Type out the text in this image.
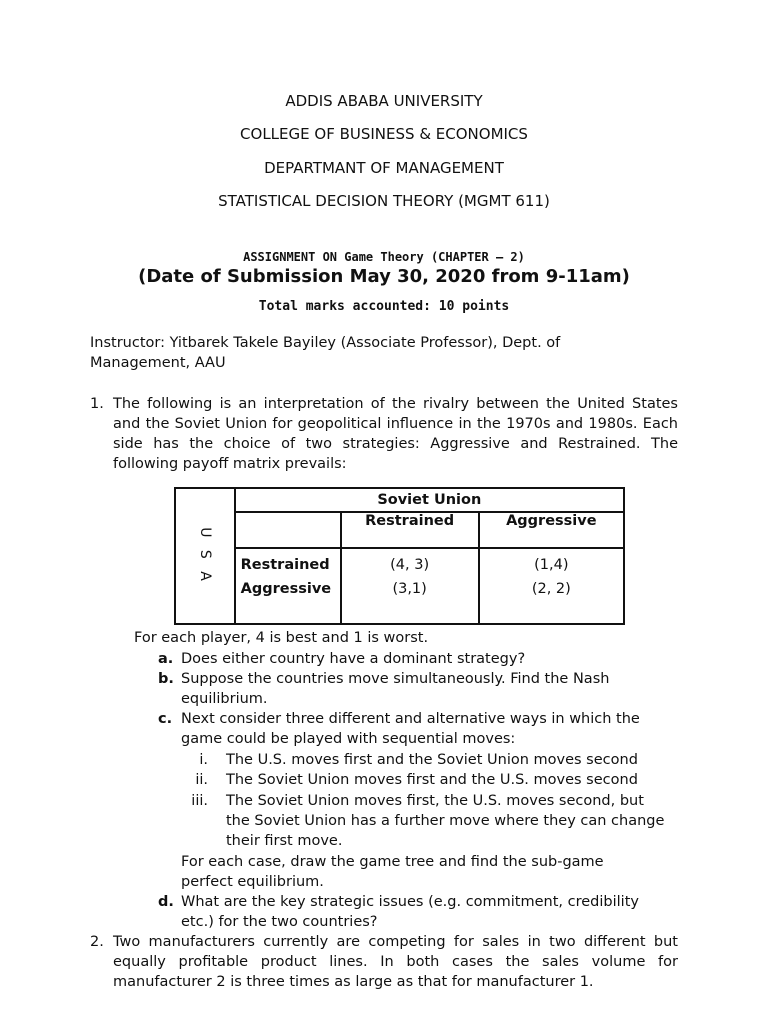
ADDIS ABABA UNIVERSITY
COLLEGE OF BUSINESS & ECONOMICS
DEPARTMANT OF MANAGEMENT
STATISTICAL DECISION THEORY (MGMT 611)
ASSIGNMENT ON Game Theory (CHAPTER – 2)
(Date of Submission May 30, 2020 from 9-11am)
Total marks accounted: 10 points
Instructor: Yitbarek Takele Bayiley (Associate Professor), Dept. of Management, AAU
1. The following is an interpretation of the rivalry between the United States and the Soviet Union for geopolitical influence in the 1970s and 1980s. Each side has the choice of two strategies: Aggressive and Restrained. The following payoff matrix prevails:
U S A	Soviet Union		
		Restrained	Aggressive
	Restrained	(4, 3)	(1,4)
	Aggressive	(3,1)	(2, 2)
For each player, 4 is best and 1 is worst.
a. Does either country have a dominant strategy?
b. Suppose the countries move simultaneously. Find the Nash equilibrium.
c. Next consider three different and alternative ways in which the game could be played with sequential moves:
i. The U.S. moves first and the Soviet Union moves second
ii. The Soviet Union moves first and the U.S. moves second
iii. The Soviet Union moves first, the U.S. moves second, but the Soviet Union has a further move where they can change their first move.
For each case, draw the game tree and find the sub-game perfect equilibrium.
d. What are the key strategic issues (e.g. commitment, credibility etc.) for the two countries?
2. Two manufacturers currently are competing for sales in two different but equally profitable product lines. In both cases the sales volume for manufacturer 2 is three times as large as that for manufacturer 1.
